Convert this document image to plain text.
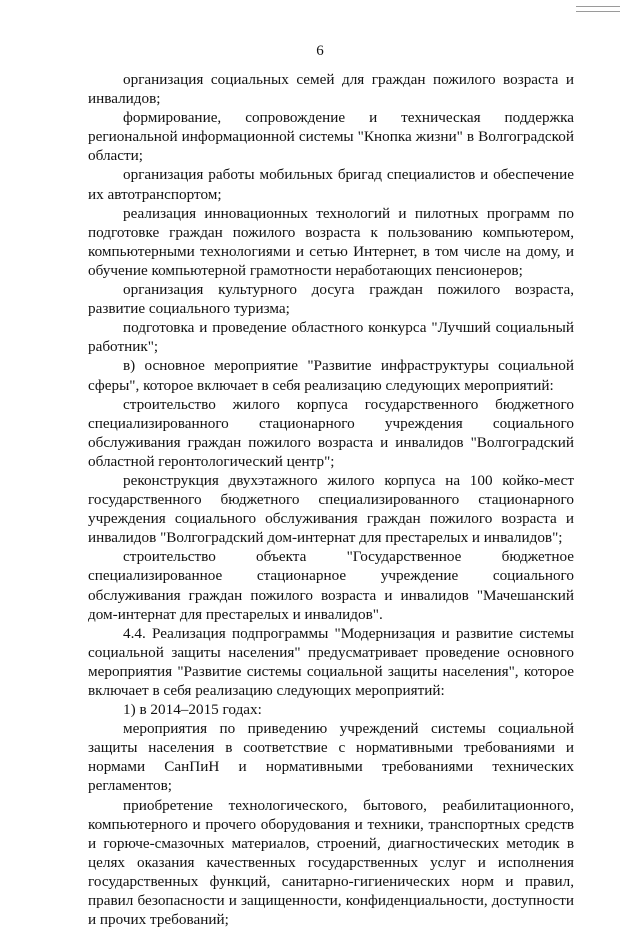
6

организация социальных семей для граждан пожилого возраста и инвалидов;

формирование, сопровождение и техническая поддержка региональной информационной системы "Кнопка жизни" в Волгоградской области;

организация работы мобильных бригад специалистов и обеспечение их автотранспортом;

реализация инновационных технологий и пилотных программ по подготовке граждан пожилого возраста к пользованию компьютером, компьютерными технологиями и сетью Интернет, в том числе на дому, и обучение компьютерной грамотности неработающих пенсионеров;

организация культурного досуга граждан пожилого возраста, развитие социального туризма;

подготовка и проведение областного конкурса "Лучший социальный работник";

в) основное мероприятие "Развитие инфраструктуры социальной сферы", которое включает в себя реализацию следующих мероприятий:

строительство жилого корпуса государственного бюджетного специализированного стационарного учреждения социального обслуживания граждан пожилого возраста и инвалидов "Волгоградский областной геронтологический центр";

реконструкция двухэтажного жилого корпуса на 100 койко-мест государственного бюджетного специализированного стационарного учреждения социального обслуживания граждан пожилого возраста и инвалидов "Волгоградский дом-интернат для престарелых и инвалидов";

строительство объекта "Государственное бюджетное специализированное стационарное учреждение социального обслуживания граждан пожилого возраста и инвалидов "Мачешанский дом-интернат для престарелых и инвалидов".

4.4. Реализация подпрограммы "Модернизация и развитие системы социальной защиты населения" предусматривает проведение основного мероприятия "Развитие системы социальной защиты населения", которое включает в себя реализацию следующих мероприятий:

1) в 2014–2015 годах:

мероприятия по приведению учреждений системы социальной защиты населения в соответствие с нормативными требованиями и нормами СанПиН и нормативными требованиями технических регламентов;

приобретение технологического, бытового, реабилитационного, компьютерного и прочего оборудования и техники, транспортных средств и горюче-смазочных материалов, строений, диагностических методик в целях оказания качественных государственных услуг и исполнения государственных функций, санитарно-гигиенических норм и правил, правил безопасности и защищенности, конфиденциальности, доступности и прочих требований;
